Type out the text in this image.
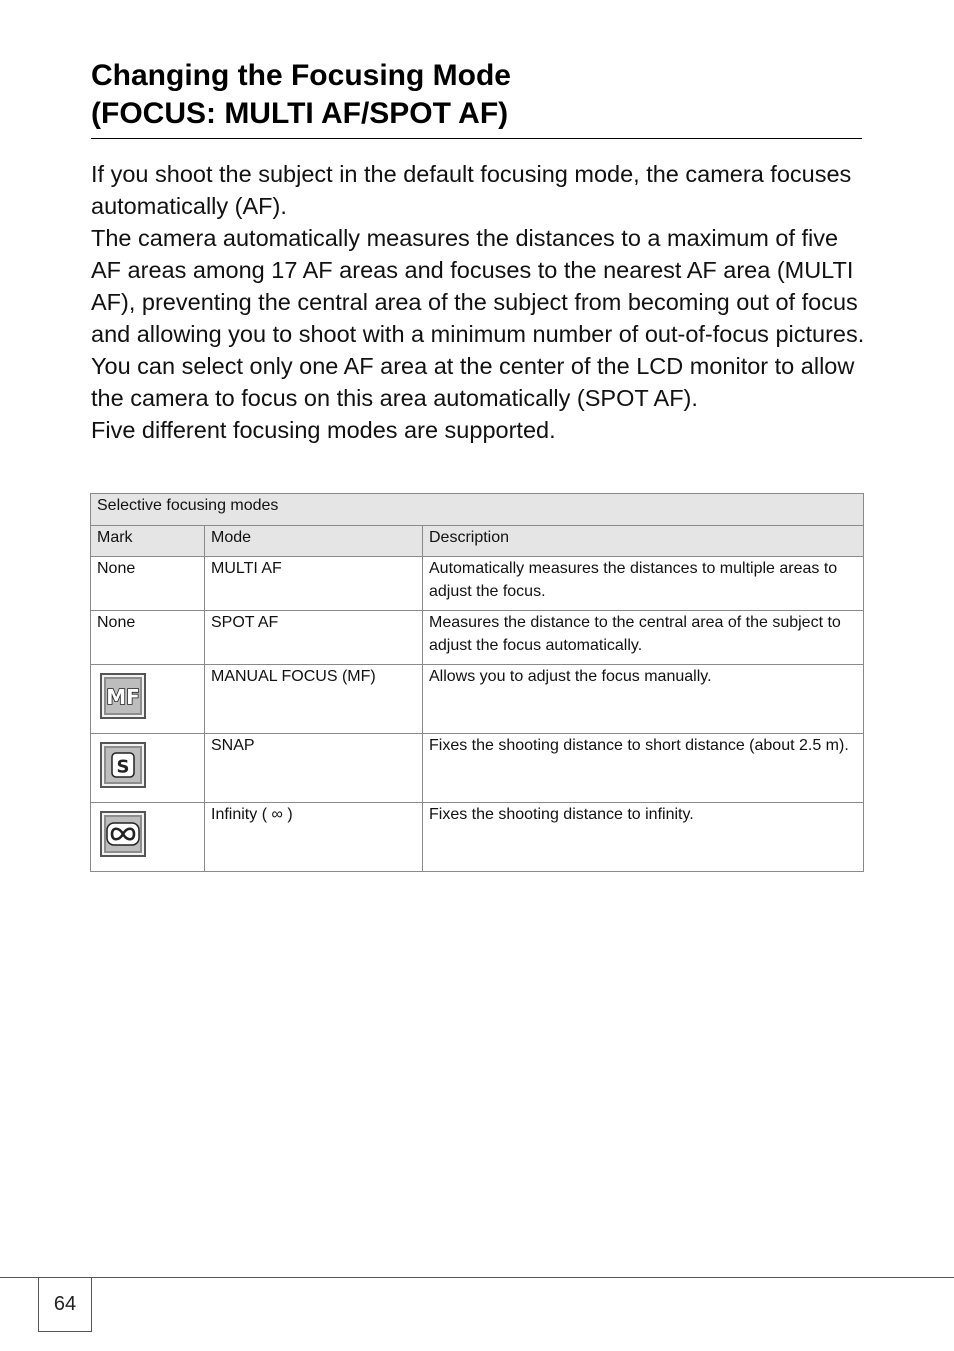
Changing the Focusing Mode
(FOCUS: MULTI AF/SPOT AF)

If you shoot the subject in the default focusing mode, the camera focuses automatically (AF).

The camera automatically measures the distances to a maximum of five AF areas among 17 AF areas and focuses to the nearest AF area (MULTI AF), preventing the central area of the subject from becoming out of focus and allowing you to shoot with a minimum number of out-of-focus pictures.

You can select only one AF area at the center of the LCD monitor to allow the camera to focus on this area automatically (SPOT AF).

Five different focusing modes are supported.

Selective focusing modes		
Mark	Mode	Description
None	MULTI AF	Automatically measures the distances to multiple areas to adjust the focus.
None	SPOT AF	Measures the distance to the central area of the subject to adjust the focus automatically.

MF	MANUAL FOCUS (MF)	Allows you to adjust the focus manually.

S	SNAP	Fixes the shooting distance to short distance (about 2.5 m).

	Infinity ( ∞ )	Fixes the shooting distance to infinity.
64
